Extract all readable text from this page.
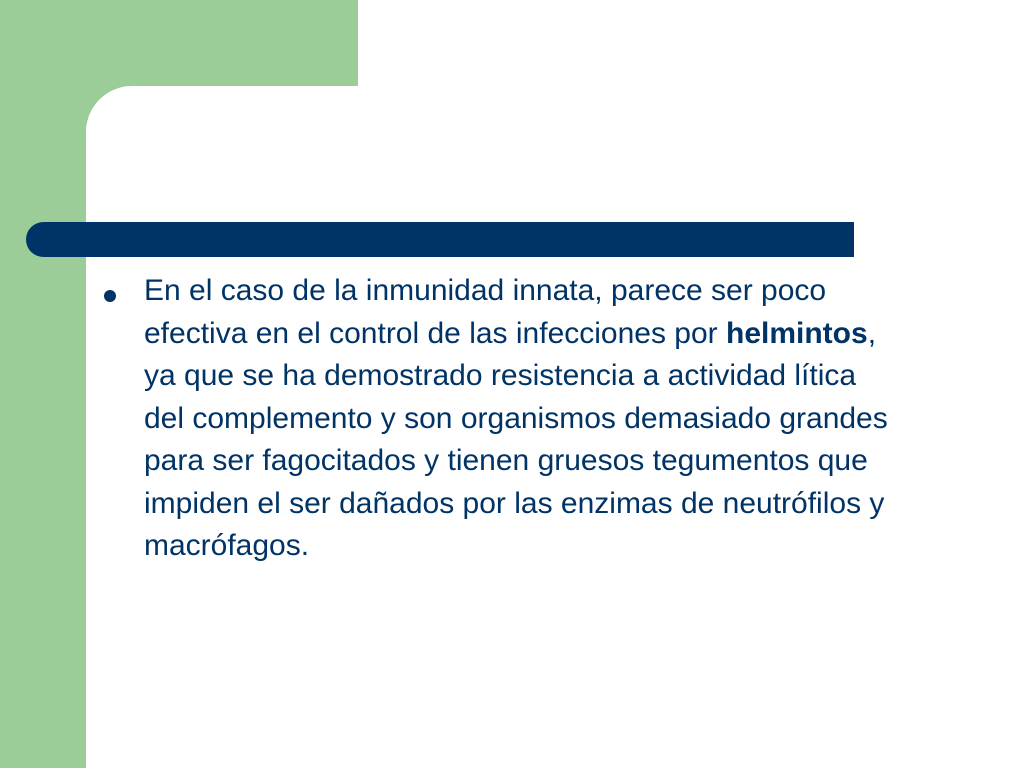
En el caso de la inmunidad innata, parece ser poco efectiva en el control de las infecciones por helmintos, ya que se ha demostrado resistencia a actividad lítica del complemento y son organismos demasiado grandes para ser fagocitados y tienen gruesos tegumentos que impiden el ser dañados por las enzimas de neutrófilos y macrófagos.
